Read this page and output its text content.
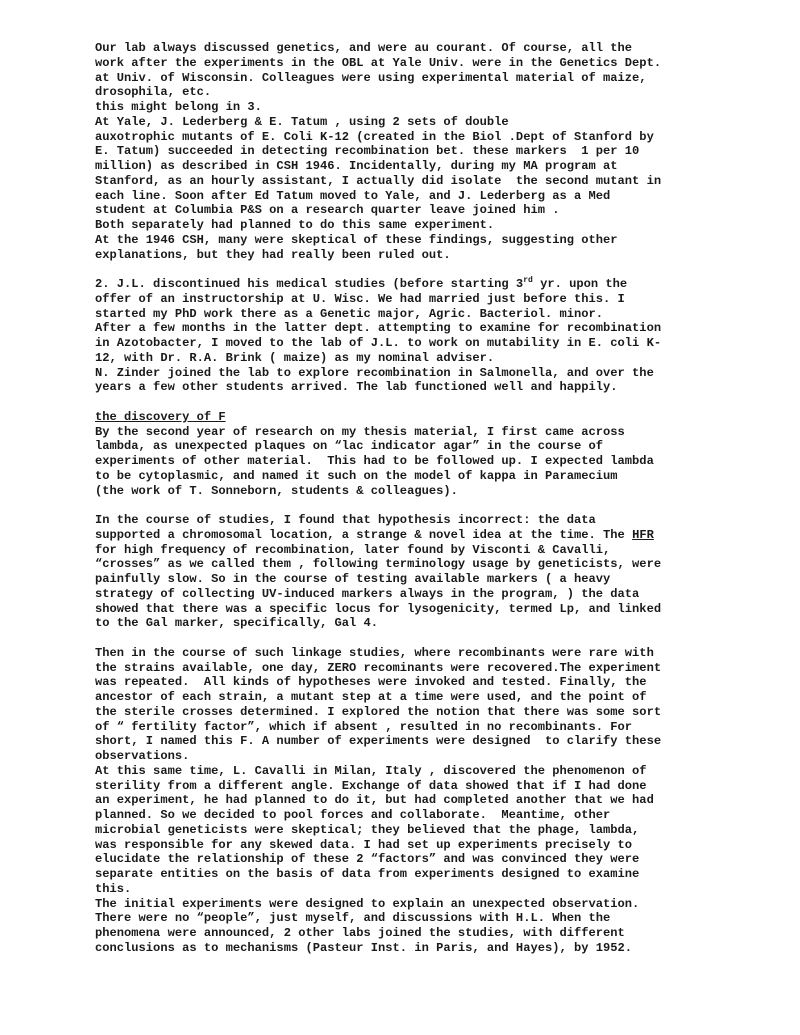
Our lab always discussed genetics, and were au courant. Of course, all the
work after the experiments in the OBL at Yale Univ. were in the Genetics Dept.
at Univ. of Wisconsin. Colleagues were using experimental material of maize,
drosophila, etc.
this might belong in 3.
At Yale, J. Lederberg & E. Tatum , using 2 sets of double
auxotrophic mutants of E. Coli K-12 (created in the Biol .Dept of Stanford by
E. Tatum) succeeded in detecting recombination bet. these markers  1 per 10
million) as described in CSH 1946. Incidentally, during my MA program at
Stanford, as an hourly assistant, I actually did isolate  the second mutant in
each line. Soon after Ed Tatum moved to Yale, and J. Lederberg as a Med
student at Columbia P&S on a research quarter leave joined him .
Both separately had planned to do this same experiment.
At the 1946 CSH, many were skeptical of these findings, suggesting other
explanations, but they had really been ruled out.
2. J.L. discontinued his medical studies (before starting 3rd yr. upon the
offer of an instructorship at U. Wisc. We had married just before this. I
started my PhD work there as a Genetic major, Agric. Bacteriol. minor.
After a few months in the latter dept. attempting to examine for recombination
in Azotobacter, I moved to the lab of J.L. to work on mutability in E. coli K-
12, with Dr. R.A. Brink ( maize) as my nominal adviser.
N. Zinder joined the lab to explore recombination in Salmonella, and over the
years a few other students arrived. The lab functioned well and happily.
the discovery of F
By the second year of research on my thesis material, I first came across
lambda, as unexpected plaques on “lac indicator agar” in the course of
experiments of other material.  This had to be followed up. I expected lambda
to be cytoplasmic, and named it such on the model of kappa in Paramecium
(the work of T. Sonneborn, students & colleagues).
In the course of studies, I found that hypothesis incorrect: the data
supported a chromosomal location, a strange & novel idea at the time. The HFR
for high frequency of recombination, later found by Visconti & Cavalli,
“crosses” as we called them , following terminology usage by geneticists, were
painfully slow. So in the course of testing available markers ( a heavy
strategy of collecting UV-induced markers always in the program, ) the data
showed that there was a specific locus for lysogenicity, termed Lp, and linked
to the Gal marker, specifically, Gal 4.
Then in the course of such linkage studies, where recombinants were rare with
the strains available, one day, ZERO recominants were recovered.The experiment
was repeated.  All kinds of hypotheses were invoked and tested. Finally, the
ancestor of each strain, a mutant step at a time were used, and the point of
the sterile crosses determined. I explored the notion that there was some sort
of “ fertility factor”, which if absent , resulted in no recombinants. For
short, I named this F. A number of experiments were designed  to clarify these
observations.
At this same time, L. Cavalli in Milan, Italy , discovered the phenomenon of
sterility from a different angle. Exchange of data showed that if I had done
an experiment, he had planned to do it, but had completed another that we had
planned. So we decided to pool forces and collaborate.  Meantime, other
microbial geneticists were skeptical; they believed that the phage, lambda,
was responsible for any skewed data. I had set up experiments precisely to
elucidate the relationship of these 2 “factors” and was convinced they were
separate entities on the basis of data from experiments designed to examine
this.
The initial experiments were designed to explain an unexpected observation.
There were no “people”, just myself, and discussions with H.L. When the
phenomena were announced, 2 other labs joined the studies, with different
conclusions as to mechanisms (Pasteur Inst. in Paris, and Hayes), by 1952.
